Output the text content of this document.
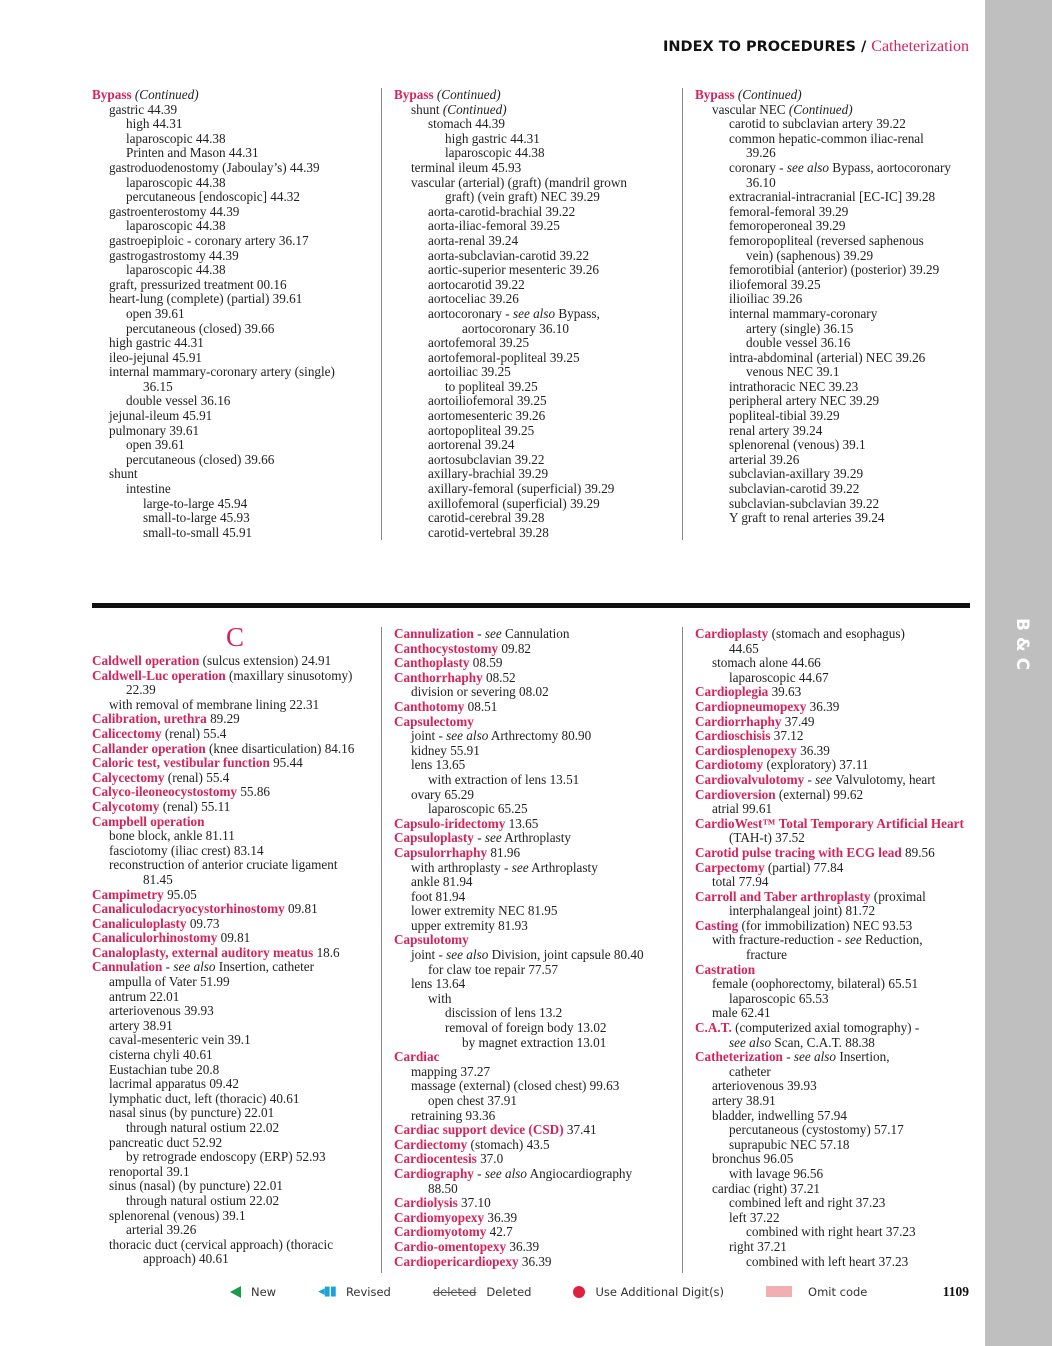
B & C
INDEX TO PROCEDURES / Catheterization
Bypass (Continued)
gastric 44.39
high 44.31
laparoscopic 44.38
Printen and Mason 44.31
gastroduodenostomy (Jaboulay’s) 44.39
laparoscopic 44.38
percutaneous [endoscopic] 44.32
gastroenterostomy 44.39
laparoscopic 44.38
gastroepiploic - coronary artery 36.17
gastrogastrostomy 44.39
laparoscopic 44.38
graft, pressurized treatment 00.16
heart-lung (complete) (partial) 39.61
open 39.61
percutaneous (closed) 39.66
high gastric 44.31
ileo-jejunal 45.91
internal mammary-coronary artery (single)
36.15
double vessel 36.16
jejunal-ileum 45.91
pulmonary 39.61
open 39.61
percutaneous (closed) 39.66
shunt
intestine
large-to-large 45.94
small-to-large 45.93
small-to-small 45.91
Bypass (Continued)
shunt (Continued)
stomach 44.39
high gastric 44.31
laparoscopic 44.38
terminal ileum 45.93
vascular (arterial) (graft) (mandril grown
graft) (vein graft) NEC 39.29
aorta-carotid-brachial 39.22
aorta-iliac-femoral 39.25
aorta-renal 39.24
aorta-subclavian-carotid 39.22
aortic-superior mesenteric 39.26
aortocarotid 39.22
aortoceliac 39.26
aortocoronary - see also Bypass,
aortocoronary 36.10
aortofemoral 39.25
aortofemoral-popliteal 39.25
aortoiliac 39.25
to popliteal 39.25
aortoiliofemoral 39.25
aortomesenteric 39.26
aortopopliteal 39.25
aortorenal 39.24
aortosubclavian 39.22
axillary-brachial 39.29
axillary-femoral (superficial) 39.29
axillofemoral (superficial) 39.29
carotid-cerebral 39.28
carotid-vertebral 39.28
Bypass (Continued)
vascular NEC (Continued)
carotid to subclavian artery 39.22
common hepatic-common iliac-renal
39.26
coronary - see also Bypass, aortocoronary
36.10
extracranial-intracranial [EC-IC] 39.28
femoral-femoral 39.29
femoroperoneal 39.29
femoropopliteal (reversed saphenous
vein) (saphenous) 39.29
femorotibial (anterior) (posterior) 39.29
iliofemoral 39.25
ilioiliac 39.26
internal mammary-coronary
artery (single) 36.15
double vessel 36.16
intra-abdominal (arterial) NEC 39.26
venous NEC 39.1
intrathoracic NEC 39.23
peripheral artery NEC 39.29
popliteal-tibial 39.29
renal artery 39.24
splenorenal (venous) 39.1
arterial 39.26
subclavian-axillary 39.29
subclavian-carotid 39.22
subclavian-subclavian 39.22
Y graft to renal arteries 39.24
C
Caldwell operation (sulcus extension) 24.91
Caldwell-Luc operation (maxillary sinusotomy)
22.39
with removal of membrane lining 22.31
Calibration, urethra 89.29
Calicectomy (renal) 55.4
Callander operation (knee disarticulation) 84.16
Caloric test, vestibular function 95.44
Calycectomy (renal) 55.4
Calyco-ileoneocystostomy 55.86
Calycotomy (renal) 55.11
Campbell operation
bone block, ankle 81.11
fasciotomy (iliac crest) 83.14
reconstruction of anterior cruciate ligament
81.45
Campimetry 95.05
Canaliculodacryocystorhinostomy 09.81
Canaliculoplasty 09.73
Canaliculorhinostomy 09.81
Canaloplasty, external auditory meatus 18.6
Cannulation - see also Insertion, catheter
ampulla of Vater 51.99
antrum 22.01
arteriovenous 39.93
artery 38.91
caval-mesenteric vein 39.1
cisterna chyli 40.61
Eustachian tube 20.8
lacrimal apparatus 09.42
lymphatic duct, left (thoracic) 40.61
nasal sinus (by puncture) 22.01
through natural ostium 22.02
pancreatic duct 52.92
by retrograde endoscopy (ERP) 52.93
renoportal 39.1
sinus (nasal) (by puncture) 22.01
through natural ostium 22.02
splenorenal (venous) 39.1
arterial 39.26
thoracic duct (cervical approach) (thoracic
approach) 40.61
Cannulization - see Cannulation
Canthocystostomy 09.82
Canthoplasty 08.59
Canthorrhaphy 08.52
division or severing 08.02
Canthotomy 08.51
Capsulectomy
joint - see also Arthrectomy 80.90
kidney 55.91
lens 13.65
with extraction of lens 13.51
ovary 65.29
laparoscopic 65.25
Capsulo-iridectomy 13.65
Capsuloplasty - see Arthroplasty
Capsulorrhaphy 81.96
with arthroplasty - see Arthroplasty
ankle 81.94
foot 81.94
lower extremity NEC 81.95
upper extremity 81.93
Capsulotomy
joint - see also Division, joint capsule 80.40
for claw toe repair 77.57
lens 13.64
with
discission of lens 13.2
removal of foreign body 13.02
by magnet extraction 13.01
Cardiac
mapping 37.27
massage (external) (closed chest) 99.63
open chest 37.91
retraining 93.36
Cardiac support device (CSD) 37.41
Cardiectomy (stomach) 43.5
Cardiocentesis 37.0
Cardiography - see also Angiocardiography
88.50
Cardiolysis 37.10
Cardiomyopexy 36.39
Cardiomyotomy 42.7
Cardio-omentopexy 36.39
Cardiopericardiopexy 36.39
Cardioplasty (stomach and esophagus)
44.65
stomach alone 44.66
laparoscopic 44.67
Cardioplegia 39.63
Cardiopneumopexy 36.39
Cardiorrhaphy 37.49
Cardioschisis 37.12
Cardiosplenopexy 36.39
Cardiotomy (exploratory) 37.11
Cardiovalvulotomy - see Valvulotomy, heart
Cardioversion (external) 99.62
atrial 99.61
CardioWest™ Total Temporary Artificial Heart
(TAH-t) 37.52
Carotid pulse tracing with ECG lead 89.56
Carpectomy (partial) 77.84
total 77.94
Carroll and Taber arthroplasty (proximal
interphalangeal joint) 81.72
Casting (for immobilization) NEC 93.53
with fracture-reduction - see Reduction,
fracture
Castration
female (oophorectomy, bilateral) 65.51
laparoscopic 65.53
male 62.41
C.A.T. (computerized axial tomography) -
see also Scan, C.A.T. 88.38
Catheterization - see also Insertion,
catheter
arteriovenous 39.93
artery 38.91
bladder, indwelling 57.94
percutaneous (cystostomy) 57.17
suprapubic NEC 57.18
bronchus 96.05
with lavage 96.56
cardiac (right) 37.21
combined left and right 37.23
left 37.22
combined with right heart 37.23
right 37.21
combined with left heart 37.23
New	◂▮▮ Revised	deleted Deleted	Use Additional Digit(s)	Omit code	1109
